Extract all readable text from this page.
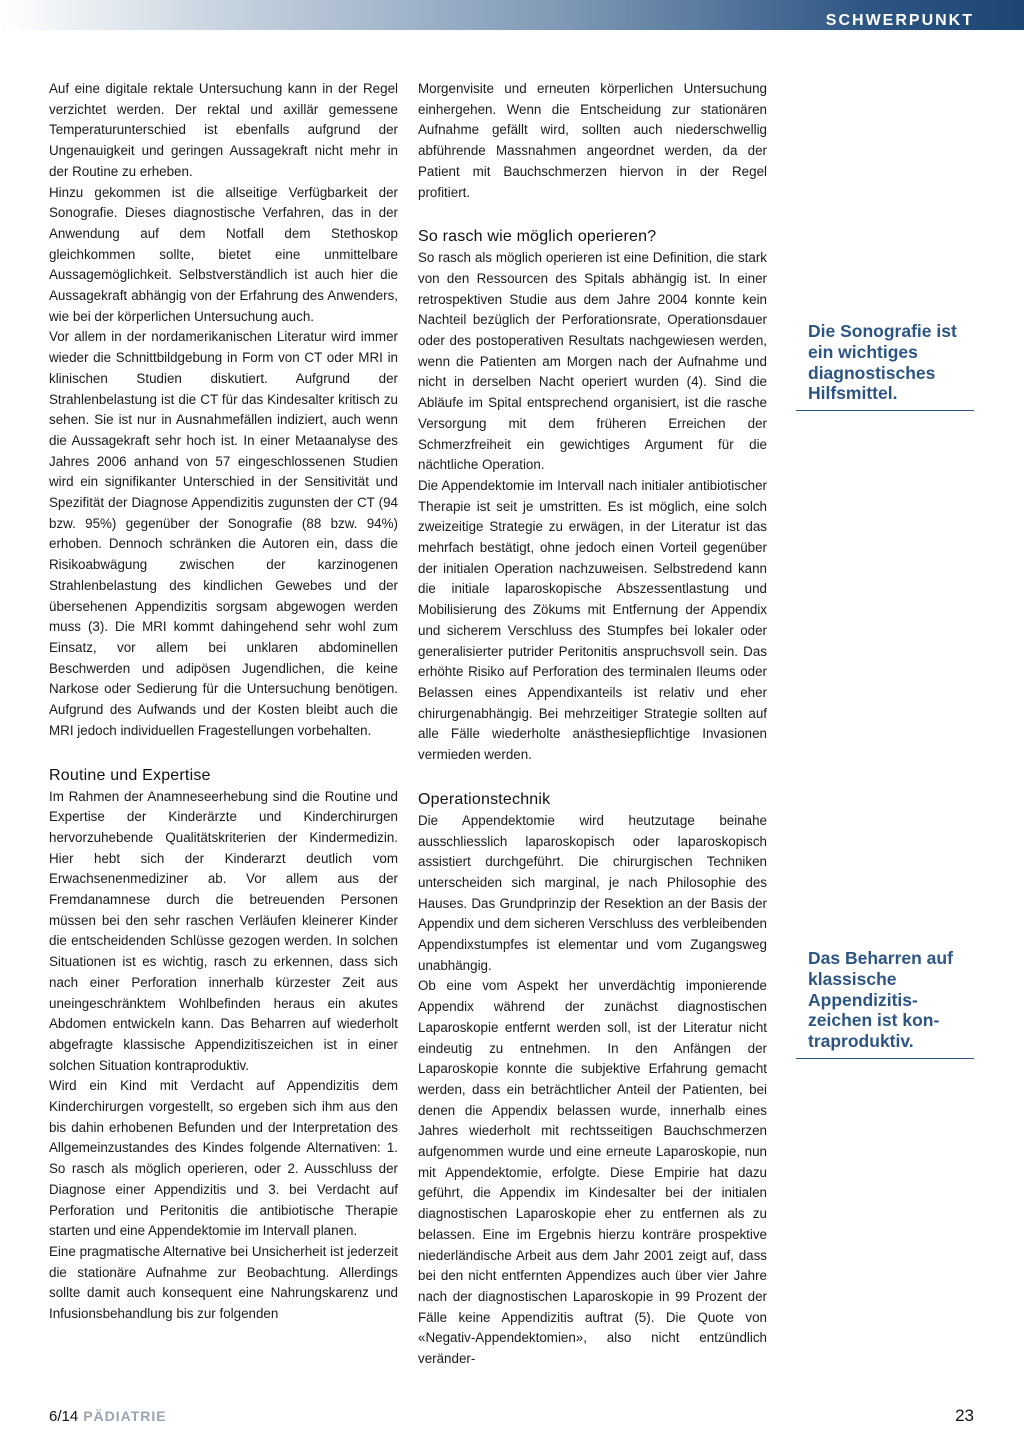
SCHWERPUNKT

Auf eine digitale rektale Untersuchung kann in der Regel verzichtet werden. Der rektal und axillär gemessene Temperaturunterschied ist ebenfalls aufgrund der Ungenauigkeit und geringen Aussagekraft nicht mehr in der Routine zu erheben.

Hinzu gekommen ist die allseitige Verfügbarkeit der Sonografie. Dieses diagnostische Verfahren, das in der Anwendung auf dem Notfall dem Stethoskop gleichkommen sollte, bietet eine unmittelbare Aussagemöglichkeit. Selbstverständlich ist auch hier die Aussagekraft abhängig von der Erfahrung des Anwenders, wie bei der körperlichen Untersuchung auch.

Vor allem in der nordamerikanischen Literatur wird immer wieder die Schnittbildgebung in Form von CT oder MRI in klinischen Studien diskutiert. Aufgrund der Strahlenbelastung ist die CT für das Kindesalter kritisch zu sehen. Sie ist nur in Ausnahmefällen indiziert, auch wenn die Aussagekraft sehr hoch ist. In einer Metaanalyse des Jahres 2006 anhand von 57 eingeschlossenen Studien wird ein signifikanter Unterschied in der Sensitivität und Spezifität der Diagnose Appendizitis zugunsten der CT (94 bzw. 95%) gegenüber der Sonografie (88 bzw. 94%) erhoben. Dennoch schränken die Autoren ein, dass die Risikoabwägung zwischen der karzinogenen Strahlenbelastung des kindlichen Gewebes und der übersehenen Appendizitis sorgsam abgewogen werden muss (3). Die MRI kommt dahingehend sehr wohl zum Einsatz, vor allem bei unklaren abdominellen Beschwerden und adipösen Jugendlichen, die keine Narkose oder Sedierung für die Untersuchung benötigen. Aufgrund des Aufwands und der Kosten bleibt auch die MRI jedoch individuellen Fragestellungen vorbehalten.

Routine und Expertise

Im Rahmen der Anamneseerhebung sind die Routine und Expertise der Kinderärzte und Kinderchirurgen hervorzuhebende Qualitätskriterien der Kindermedizin. Hier hebt sich der Kinderarzt deutlich vom Erwachsenenmediziner ab. Vor allem aus der Fremdanamnese durch die betreuenden Personen müssen bei den sehr raschen Verläufen kleinerer Kinder die entscheidenden Schlüsse gezogen werden. In solchen Situationen ist es wichtig, rasch zu erkennen, dass sich nach einer Perforation innerhalb kürzester Zeit aus uneingeschränktem Wohlbefinden heraus ein akutes Abdomen entwickeln kann. Das Beharren auf wiederholt abgefragte klassische Appendizitiszeichen ist in einer solchen Situation kontraproduktiv.

Wird ein Kind mit Verdacht auf Appendizitis dem Kinderchirurgen vorgestellt, so ergeben sich ihm aus den bis dahin erhobenen Befunden und der Interpretation des Allgemeinzustandes des Kindes folgende Alternativen: 1. So rasch als möglich operieren, oder 2. Ausschluss der Diagnose einer Appendizitis und 3. bei Verdacht auf Perforation und Peritonitis die antibiotische Therapie starten und eine Appendektomie im Intervall planen.

Eine pragmatische Alternative bei Unsicherheit ist jederzeit die stationäre Aufnahme zur Beobachtung. Allerdings sollte damit auch konsequent eine Nahrungskarenz und Infusionsbehandlung bis zur folgenden

Morgenvisite und erneuten körperlichen Untersuchung einhergehen. Wenn die Entscheidung zur stationären Aufnahme gefällt wird, sollten auch niederschwellig abführende Massnahmen angeordnet werden, da der Patient mit Bauchschmerzen hiervon in der Regel profitiert.

So rasch wie möglich operieren?

So rasch als möglich operieren ist eine Definition, die stark von den Ressourcen des Spitals abhängig ist. In einer retrospektiven Studie aus dem Jahre 2004 konnte kein Nachteil bezüglich der Perforationsrate, Operationsdauer oder des postoperativen Resultats nachgewiesen werden, wenn die Patienten am Morgen nach der Aufnahme und nicht in derselben Nacht operiert wurden (4). Sind die Abläufe im Spital entsprechend organisiert, ist die rasche Versorgung mit dem früheren Erreichen der Schmerzfreiheit ein gewichtiges Argument für die nächtliche Operation.

Die Appendektomie im Intervall nach initialer antibiotischer Therapie ist seit je umstritten. Es ist möglich, eine solch zweizeitige Strategie zu erwägen, in der Literatur ist das mehrfach bestätigt, ohne jedoch einen Vorteil gegenüber der initialen Operation nachzuweisen. Selbstredend kann die initiale laparoskopische Abszessentlastung und Mobilisierung des Zökums mit Entfernung der Appendix und sicherem Verschluss des Stumpfes bei lokaler oder generalisierter putrider Peritonitis anspruchsvoll sein. Das erhöhte Risiko auf Perforation des terminalen Ileums oder Belassen eines Appendixanteils ist relativ und eher chirurgenabhängig. Bei mehrzeitiger Strategie sollten auf alle Fälle wiederholte anästhesiepflichtige Invasionen vermieden werden.

Operationstechnik

Die Appendektomie wird heutzutage beinahe ausschliesslich laparoskopisch oder laparoskopisch assistiert durchgeführt. Die chirurgischen Techniken unterscheiden sich marginal, je nach Philosophie des Hauses. Das Grundprinzip der Resektion an der Basis der Appendix und dem sicheren Verschluss des verbleibenden Appendixstumpfes ist elementar und vom Zugangsweg unabhängig.

Ob eine vom Aspekt her unverdächtig imponierende Appendix während der zunächst diagnostischen Laparoskopie entfernt werden soll, ist der Literatur nicht eindeutig zu entnehmen. In den Anfängen der Laparoskopie konnte die subjektive Erfahrung gemacht werden, dass ein beträchtlicher Anteil der Patienten, bei denen die Appendix belassen wurde, innerhalb eines Jahres wiederholt mit rechtsseitigen Bauchschmerzen aufgenommen wurde und eine erneute Laparoskopie, nun mit Appendektomie, erfolgte. Diese Empirie hat dazu geführt, die Appendix im Kindesalter bei der initialen diagnostischen Laparoskopie eher zu entfernen als zu belassen. Eine im Ergebnis hierzu konträre prospektive niederländische Arbeit aus dem Jahr 2001 zeigt auf, dass bei den nicht entfernten Appendizes auch über vier Jahre nach der diagnostischen Laparoskopie in 99 Prozent der Fälle keine Appendizitis auftrat (5). Die Quote von «Negativ-Appendektomien», also nicht entzündlich veränder-

Die Sonografie ist ein wichtiges diagnostisches Hilfsmittel.
Das Beharren auf klassische Appendizitiszeichen ist kontraproduktiv.
6/14 PÄDIATRIE	23
